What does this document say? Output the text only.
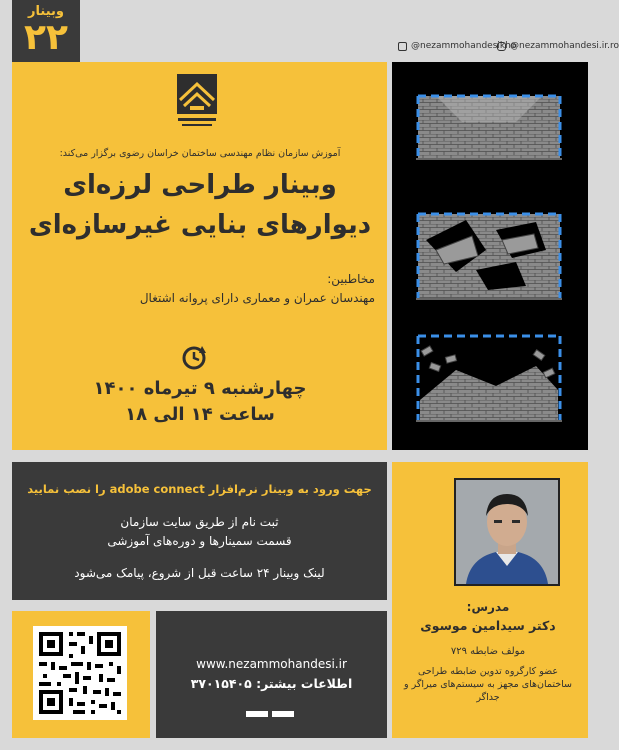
وبینار
۲۲	@nezammohandesikho
@nezammohandesi.ir.ro
آموزش سازمان نظام مهندسی ساختمان خراسان رضوی برگزار می‌کند:
وبینار طراحی لرزه‌ای
دیوارهای بنایی غیرسازه‌ای
مخاطبین:
مهندسان عمران و معماری دارای پروانه اشتغال
چهارشنبه ۹ تیرماه ۱۴۰۰
ساعت ۱۴ الی ۱۸
جهت ورود به وبینار نرم‌افزار adobe connect را نصب نمایید
ثبت نام از طریق سایت سازمان
قسمت سمینارها و دوره‌های آموزشی
لینک وبینار ۲۴ ساعت قبل از شروع، پیامک می‌شود
www.nezammohandesi.ir
اطلاعات بیشتر: ۳۷۰۱۵۴۰۵
مدرس:
دکتر سیدامین موسوی
مولف ضابطه ۷۲۹
عضو کارگروه تدوین ضابطه طراحی ساختمان‌های مجهز به سیستم‌های میراگر و جداگر
